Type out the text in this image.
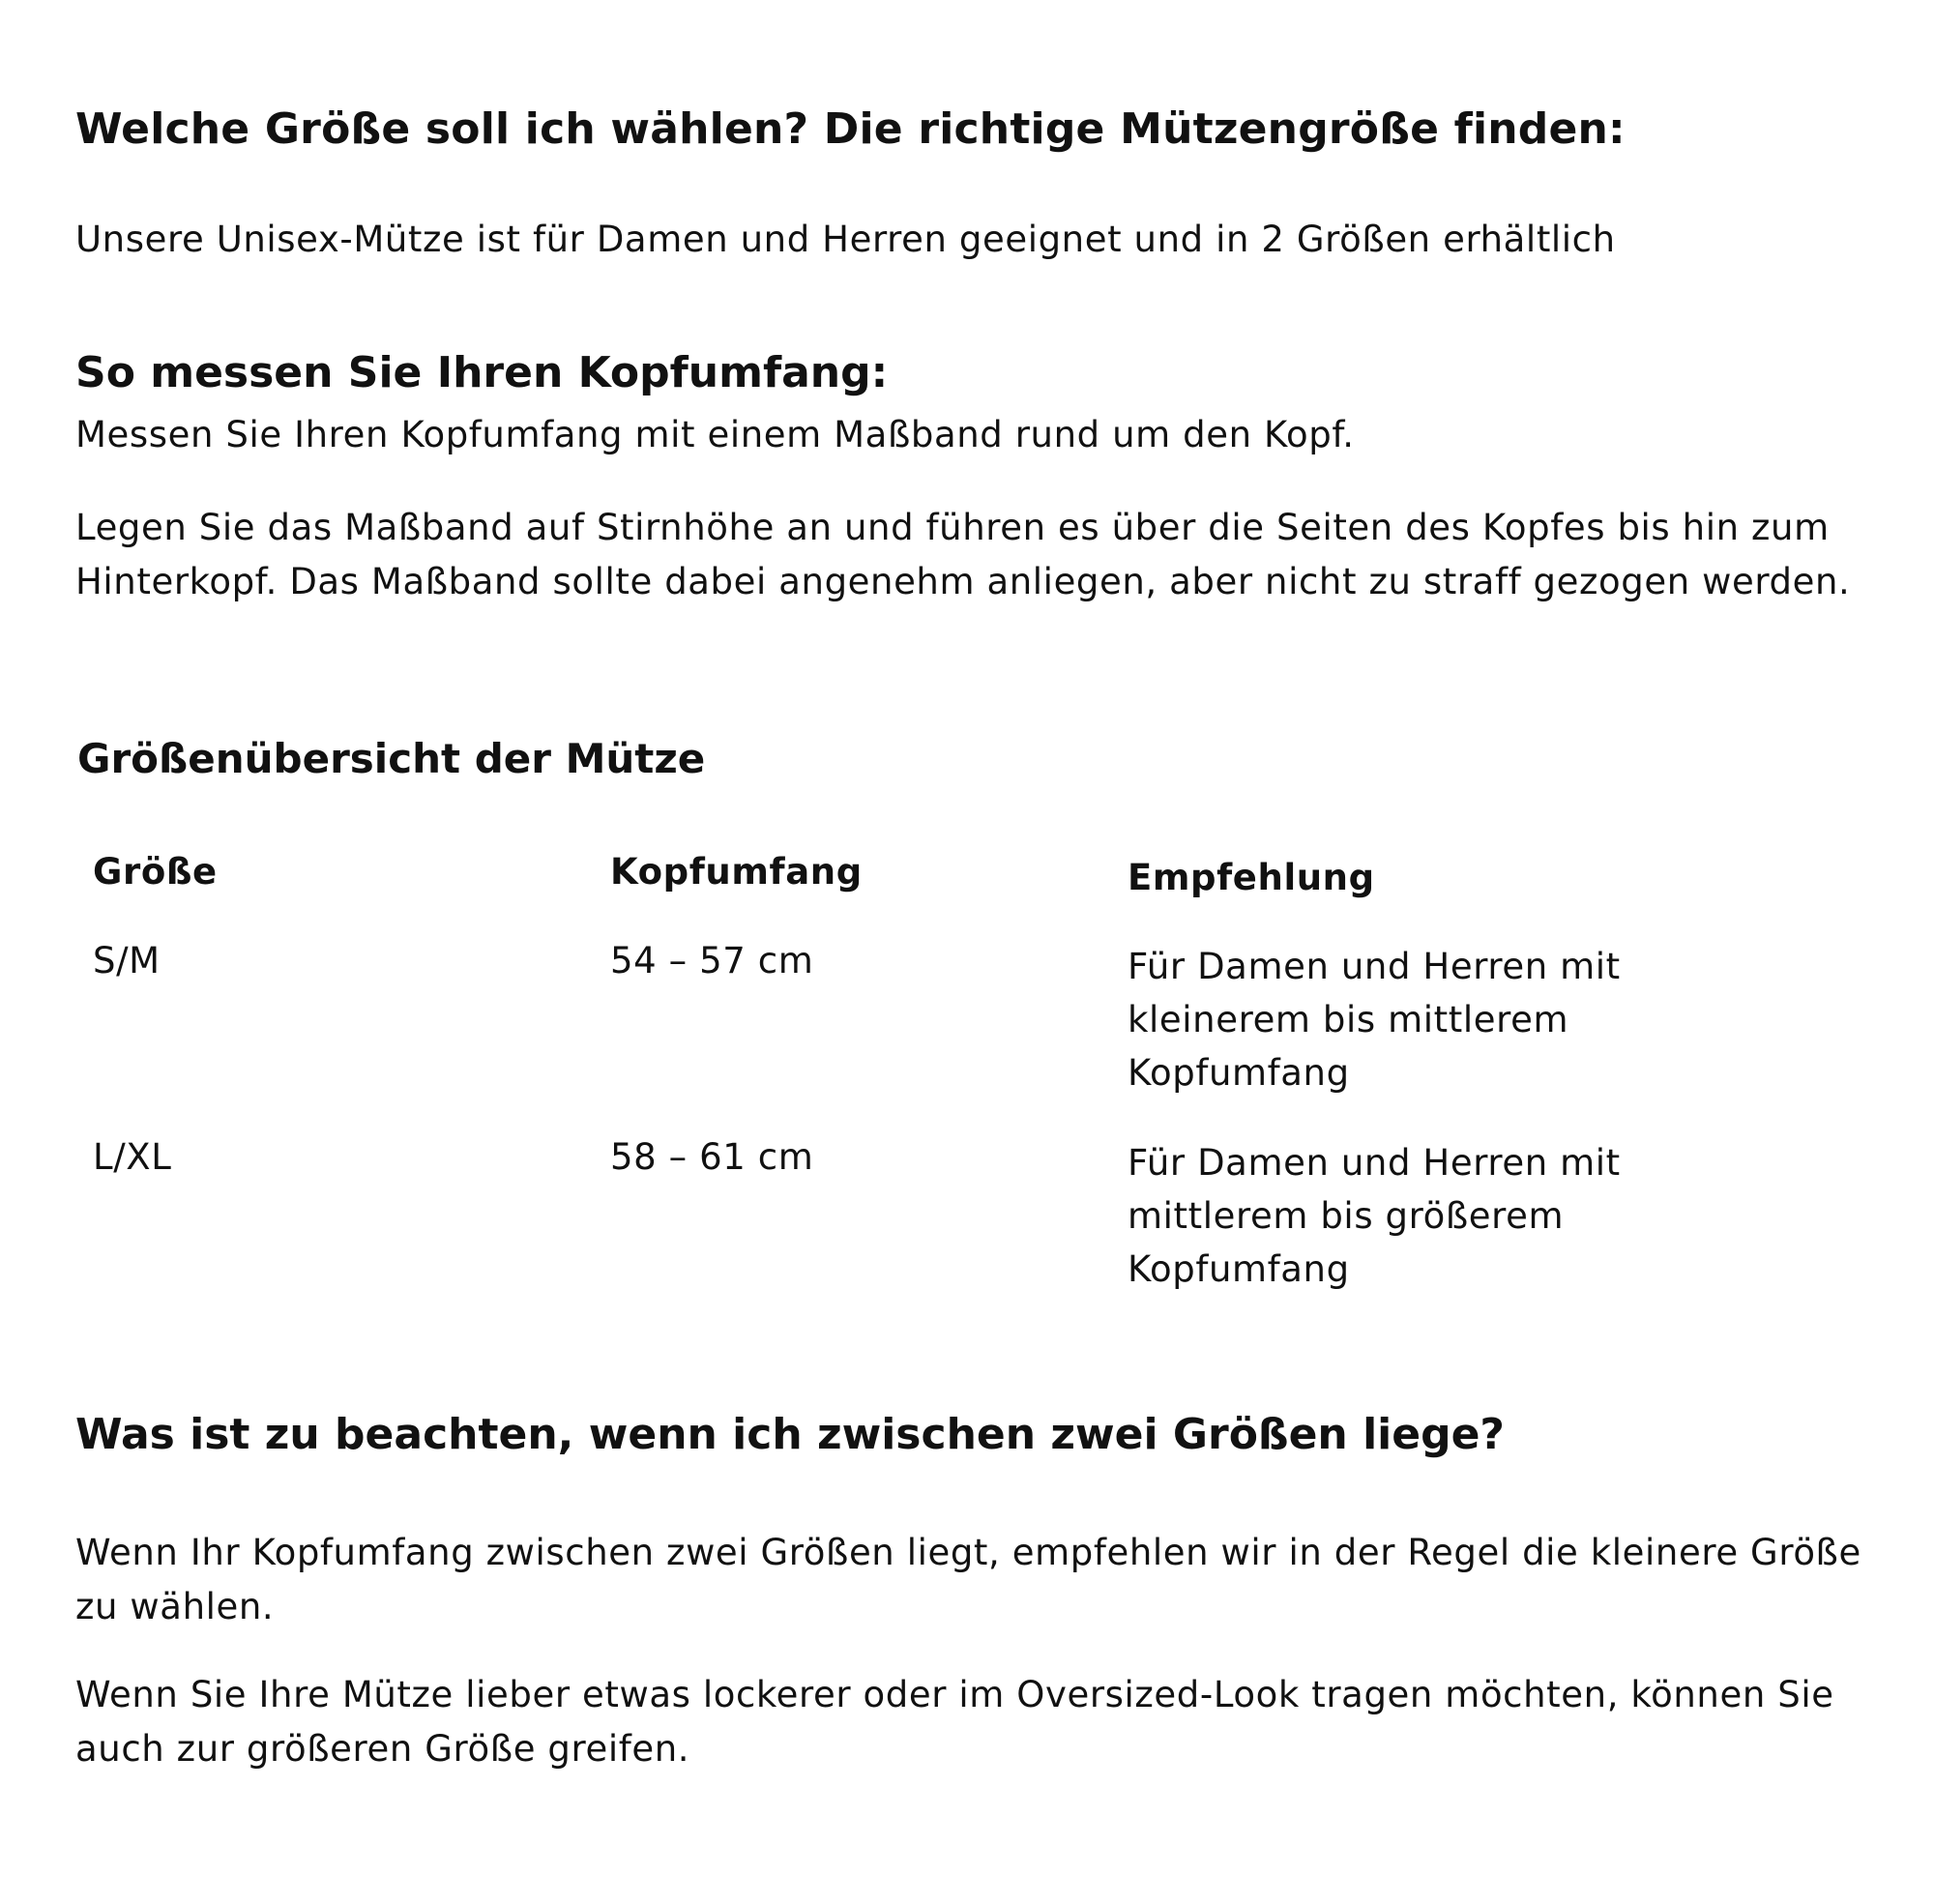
Welche Größe soll ich wählen? Die richtige Mützengröße finden:
Unsere Unisex-Mütze ist für Damen und Herren geeignet und in 2 Größen erhältlich
So messen Sie Ihren Kopfumfang:
Messen Sie Ihren Kopfumfang mit einem Maßband rund um den Kopf.
Legen Sie das Maßband auf Stirnhöhe an und führen es über die Seiten des Kopfes bis hin zum Hinterkopf. Das Maßband sollte dabei angenehm anliegen, aber nicht zu straff gezogen werden.
Größenübersicht der Mütze
Größe	Kopfumfang	Empfehlung
S/M	54 – 57 cm	Für Damen und Herren mit kleinerem bis mittlerem Kopfumfang
L/XL	58 – 61 cm	Für Damen und Herren mit mittlerem bis größerem Kopfumfang
Was ist zu beachten, wenn ich zwischen zwei Größen liege?
Wenn Ihr Kopfumfang zwischen zwei Größen liegt, empfehlen wir in der Regel die kleinere Größe zu wählen.
Wenn Sie Ihre Mütze lieber etwas lockerer oder im Oversized-Look tragen möchten, können Sie auch zur größeren Größe greifen.
